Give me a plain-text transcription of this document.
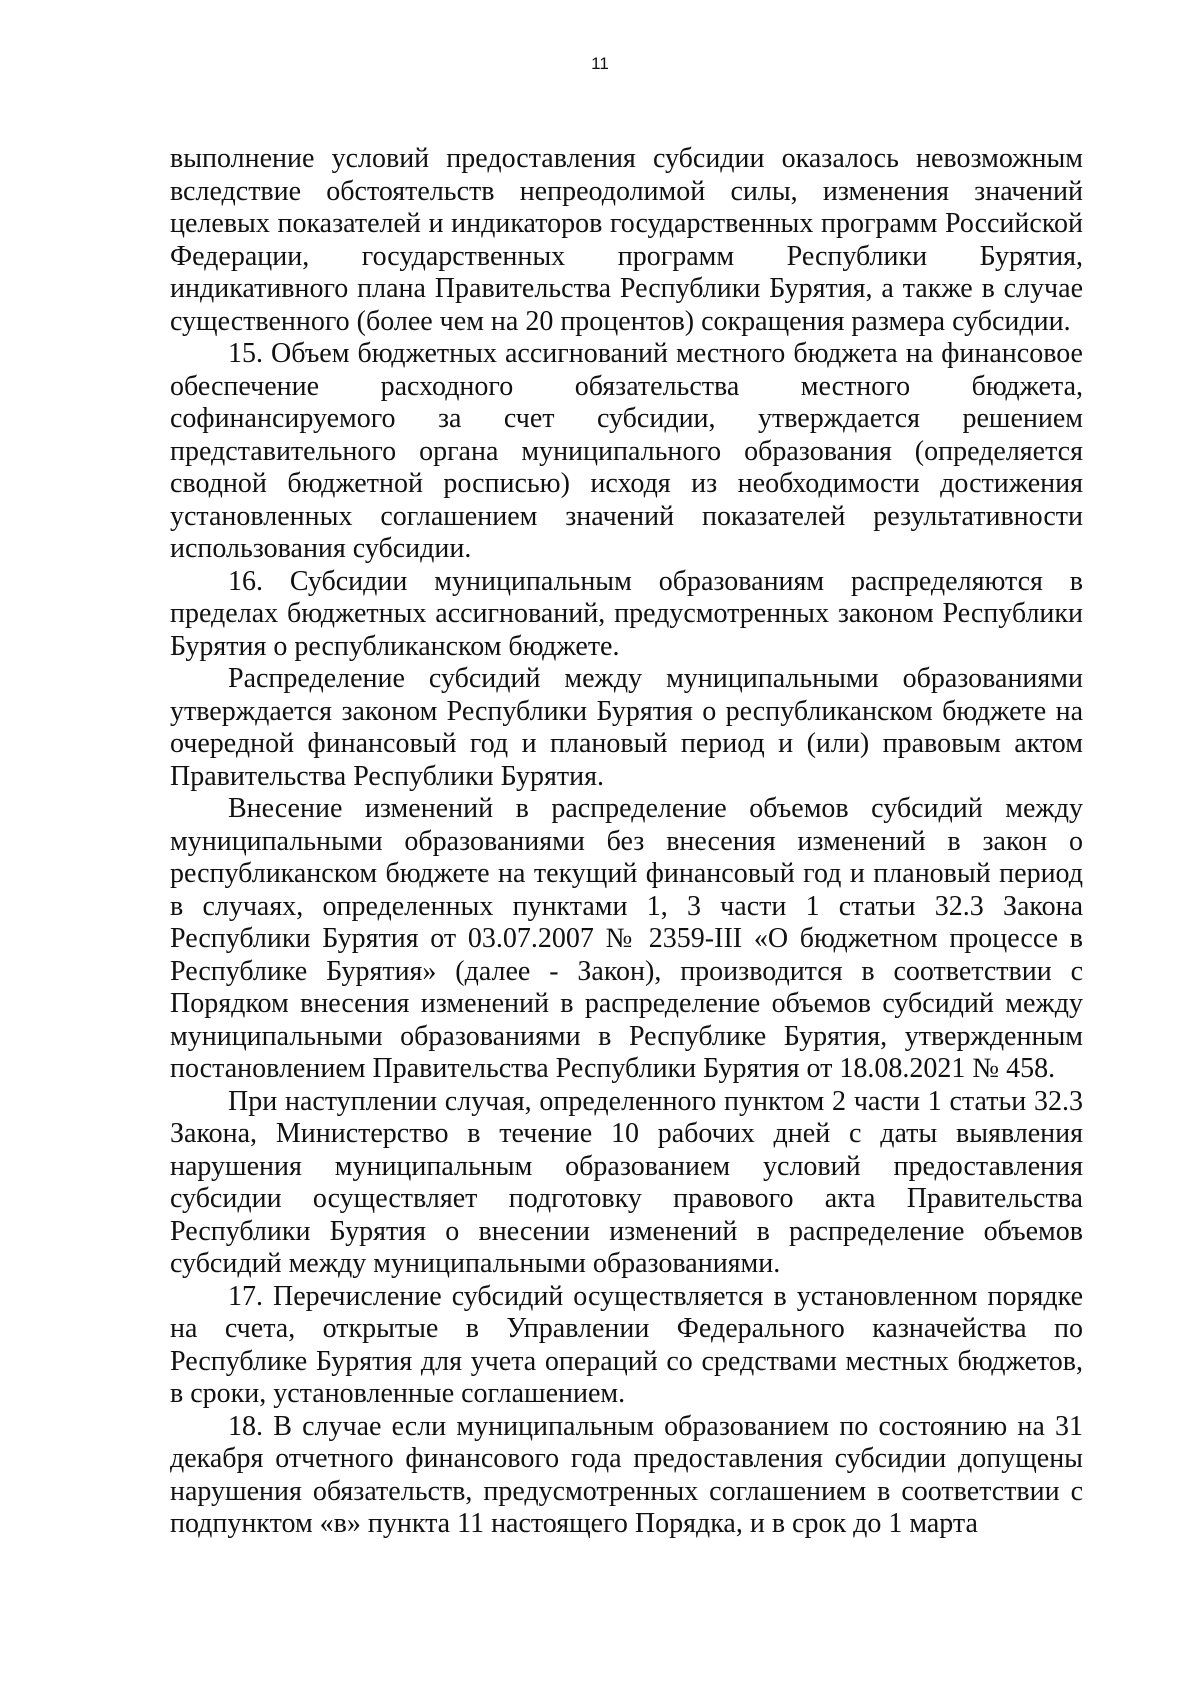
11

выполнение условий предоставления субсидии оказалось невозможным вследствие обстоятельств непреодолимой силы, изменения значений целевых показателей и индикаторов государственных программ Российской Федерации, государственных программ Республики Бурятия, индикативного плана Правительства Республики Бурятия, а также в случае существенного (более чем на 20 процентов) сокращения размера субсидии.

15. Объем бюджетных ассигнований местного бюджета на финансовое обеспечение расходного обязательства местного бюджета, софинансируемого за счет субсидии, утверждается решением представительного органа муниципального образования (определяется сводной бюджетной росписью) исходя из необходимости достижения установленных соглашением значений показателей результативности использования субсидии.

16. Субсидии муниципальным образованиям распределяются в пределах бюджетных ассигнований, предусмотренных законом Республики Бурятия о республиканском бюджете.

Распределение субсидий между муниципальными образованиями утверждается законом Республики Бурятия о республиканском бюджете на очередной финансовый год и плановый период и (или) правовым актом Правительства Республики Бурятия.

Внесение изменений в распределение объемов субсидий между муниципальными образованиями без внесения изменений в закон о республиканском бюджете на текущий финансовый год и плановый период в случаях, определенных пунктами 1, 3 части 1 статьи 32.3 Закона Республики Бурятия от 03.07.2007 № 2359-III «О бюджетном процессе в Республике Бурятия» (далее - Закон), производится в соответствии с Порядком внесения изменений в распределение объемов субсидий между муниципальными образованиями в Республике Бурятия, утвержденным постановлением Правительства Республики Бурятия от 18.08.2021 № 458.

При наступлении случая, определенного пунктом 2 части 1 статьи 32.3 Закона, Министерство в течение 10 рабочих дней с даты выявления нарушения муниципальным образованием условий предоставления субсидии осуществляет подготовку правового акта Правительства Республики Бурятия о внесении изменений в распределение объемов субсидий между муниципальными образованиями.

17. Перечисление субсидий осуществляется в установленном порядке на счета, открытые в Управлении Федерального казначейства по Республике Бурятия для учета операций со средствами местных бюджетов, в сроки, установленные соглашением.

18. В случае если муниципальным образованием по состоянию на 31 декабря отчетного финансового года предоставления субсидии допущены нарушения обязательств, предусмотренных соглашением в соответствии с подпунктом «в» пункта 11 настоящего Порядка, и в срок до 1 марта
